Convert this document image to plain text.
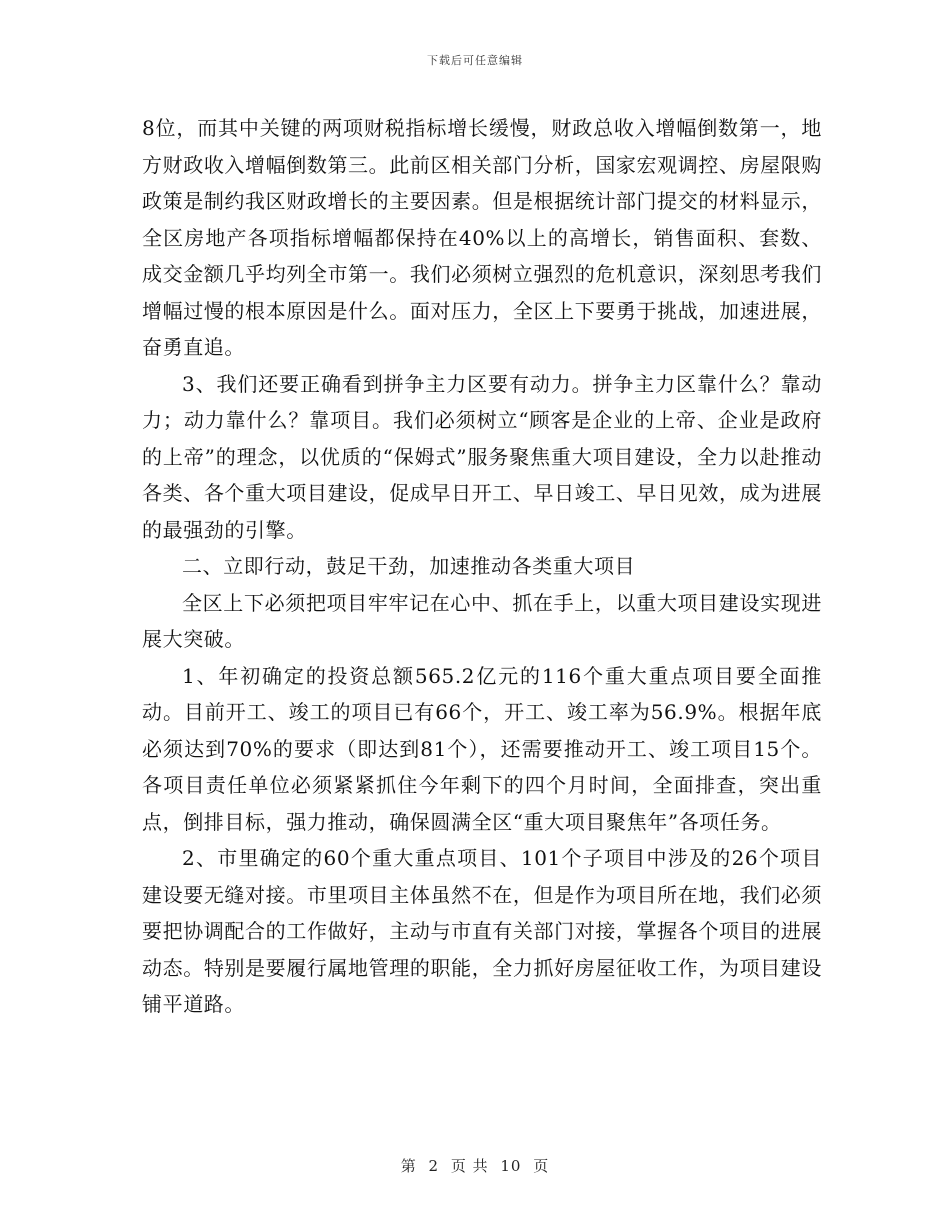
下载后可任意编辑

8位，而其中关键的两项财税指标增长缓慢，财政总收入增幅倒数第一，地方财政收入增幅倒数第三。此前区相关部门分析，国家宏观调控、房屋限购政策是制约我区财政增长的主要因素。但是根据统计部门提交的材料显示，全区房地产各项指标增幅都保持在40%以上的高增长，销售面积、套数、成交金额几乎均列全市第一。我们必须树立强烈的危机意识，深刻思考我们增幅过慢的根本原因是什么。面对压力，全区上下要勇于挑战，加速进展，奋勇直追。

3、我们还要正确看到拼争主力区要有动力。拼争主力区靠什么？靠动力；动力靠什么？靠项目。我们必须树立“顾客是企业的上帝、企业是政府的上帝”的理念，以优质的“保姆式”服务聚焦重大项目建设，全力以赴推动各类、各个重大项目建设，促成早日开工、早日竣工、早日见效，成为进展的最强劲的引擎。

二、立即行动，鼓足干劲，加速推动各类重大项目

全区上下必须把项目牢牢记在心中、抓在手上，以重大项目建设实现进展大突破。

1、年初确定的投资总额565.2亿元的116个重大重点项目要全面推动。目前开工、竣工的项目已有66个，开工、竣工率为56.9%。根据年底必须达到70%的要求（即达到81个），还需要推动开工、竣工项目15个。各项目责任单位必须紧紧抓住今年剩下的四个月时间，全面排查，突出重点，倒排目标，强力推动，确保圆满全区“重大项目聚焦年”各项任务。

2、市里确定的60个重大重点项目、101个子项目中涉及的26个项目建设要无缝对接。市里项目主体虽然不在，但是作为项目所在地，我们必须要把协调配合的工作做好，主动与市直有关部门对接，掌握各个项目的进展动态。特别是要履行属地管理的职能，全力抓好房屋征收工作，为项目建设铺平道路。

第 2 页 共 10 页
